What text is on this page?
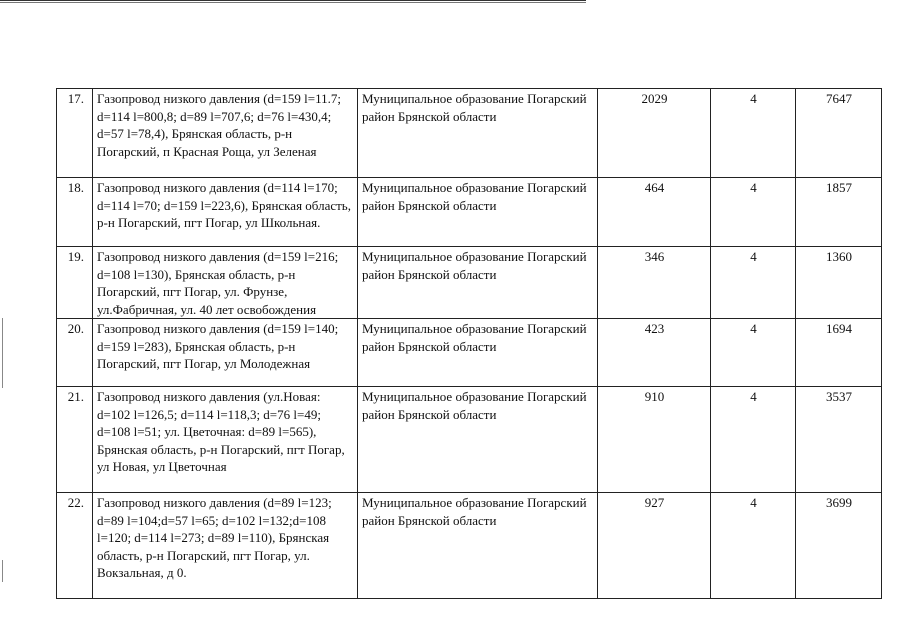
17.	Газопровод низкого давления (d=159 l=11.7; d=114 l=800,8; d=89 l=707,6; d=76 l=430,4; d=57 l=78,4), Брянская область, р-н Погарский, п Красная Роща, ул Зеленая	Муниципальное образование Погарский район Брянской области	2029	4	7647
18.	Газопровод низкого давления (d=114 l=170; d=114 l=70; d=159 l=223,6), Брянская область, р-н Погарский, пгт Погар, ул Школьная.	Муниципальное образование Погарский район Брянской области	464	4	1857
19.	Газопровод низкого давления (d=159 l=216; d=108 l=130), Брянская область, р-н Погарский, пгт Погар, ул. Фрунзе, ул.Фабричная, ул. 40 лет освобождения	Муниципальное образование Погарский район Брянской области	346	4	1360
20.	Газопровод низкого давления (d=159 l=140; d=159 l=283), Брянская область, р-н Погарский, пгт Погар, ул Молодежная	Муниципальное образование Погарский район Брянской области	423	4	1694
21.	Газопровод низкого давления (ул.Новая: d=102 l=126,5; d=114 l=118,3; d=76 l=49; d=108 l=51; ул. Цветочная: d=89 l=565), Брянская область, р-н Погарский, пгт Погар, ул Новая, ул Цветочная	Муниципальное образование Погарский район Брянской области	910	4	3537
22.	Газопровод низкого давления (d=89 l=123; d=89 l=104;d=57 l=65; d=102 l=132;d=108 l=120; d=114 l=273; d=89 l=110), Брянская область, р-н Погарский, пгт Погар, ул. Вокзальная, д 0.	Муниципальное образование Погарский район Брянской области	927	4	3699
